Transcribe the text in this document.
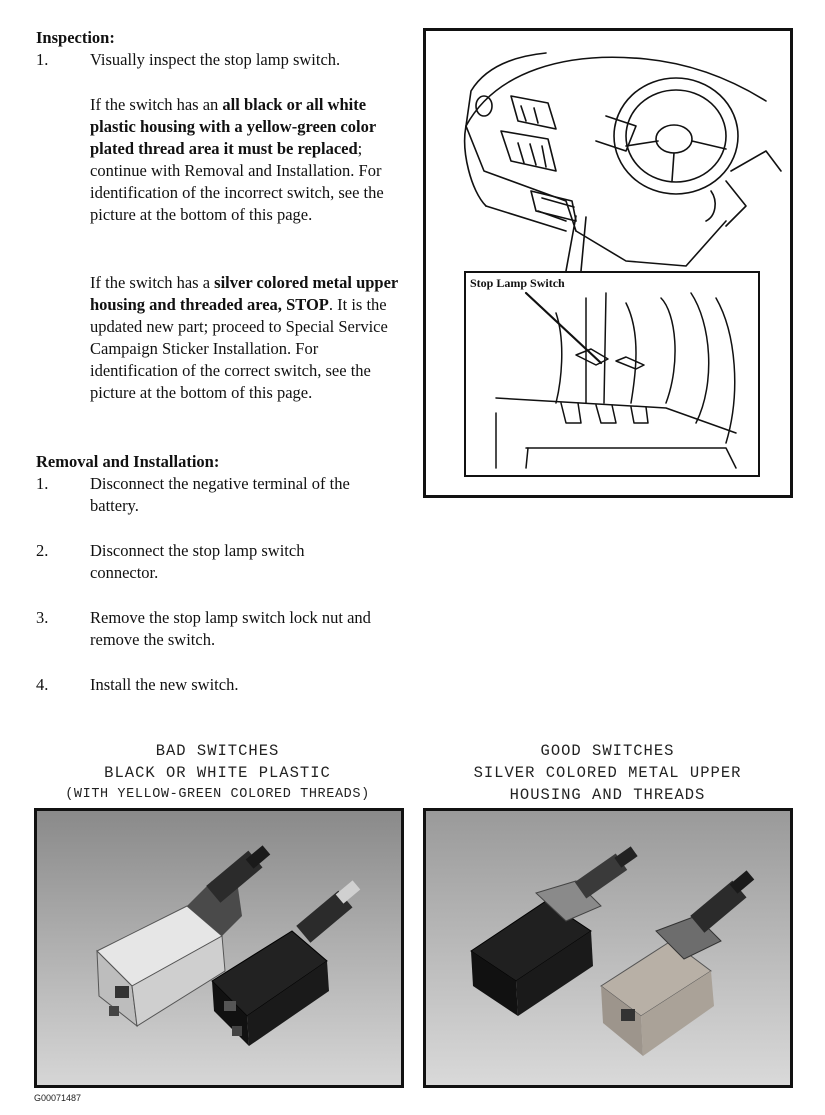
Inspection:
1.	Visually inspect the stop lamp switch.
If the switch has an all black or all white plastic housing with a yellow-green color plated thread area it must be replaced; continue with Removal and Installation. For identification of the incorrect switch, see the picture at the bottom of this page.
If the switch has a silver colored metal upper housing and threaded area, STOP. It is the updated new part; proceed to Special Service Campaign Sticker Installation. For identification of the correct switch, see the picture at the bottom of this page.
Removal and Installation:
1.	Disconnect the negative terminal of the battery.
2.	Disconnect the stop lamp switch connector.
3.	Remove the stop lamp switch lock nut and remove the switch.
4.	Install the new switch.
Stop Lamp Switch
BAD SWITCHES
BLACK OR WHITE PLASTIC
(WITH YELLOW-GREEN COLORED THREADS)
GOOD SWITCHES
SILVER COLORED METAL UPPER
HOUSING AND THREADS
G00071487
